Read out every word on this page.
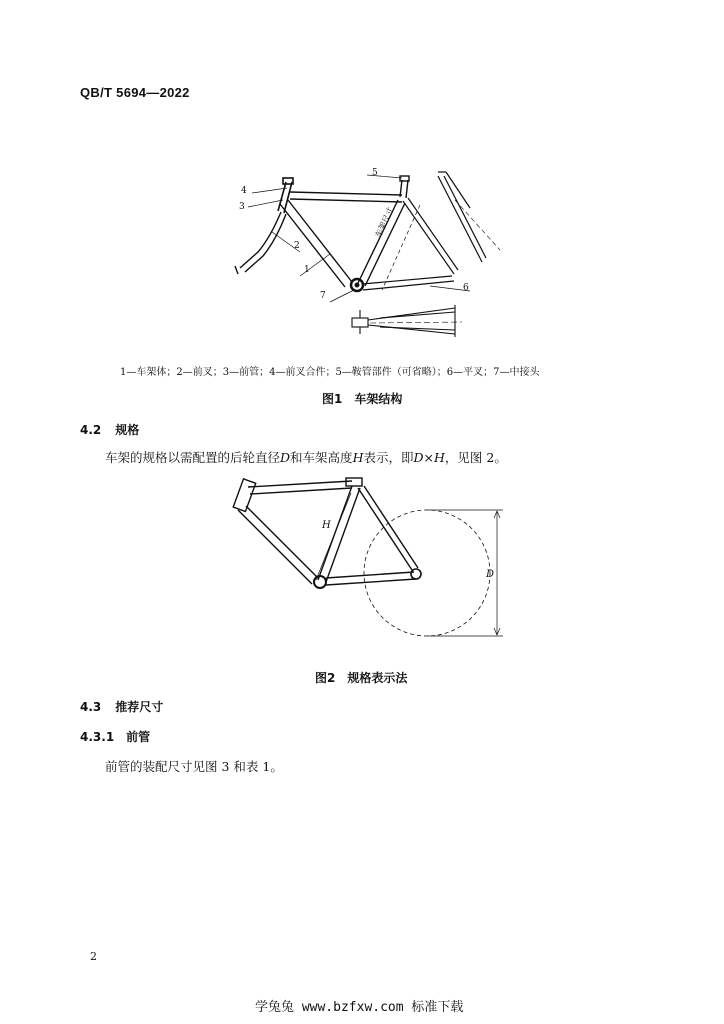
QB/T 5694—2022
车架尺寸
4
3
2
1
5
6
7
1—车架体；2—前叉；3—前管；4—前叉合件；5—鞍管部件（可省略）；6—平叉；7—中接头
图1　车架结构
4.2 规格
车架的规格以需配置的后轮直径D和车架高度H表示，即D×H，见图 2。
D
H
图2　规格表示法
4.3 推荐尺寸
4.3.1 前管
前管的装配尺寸见图 3 和表 1。
2
学兔兔 www.bzfxw.com 标准下载
